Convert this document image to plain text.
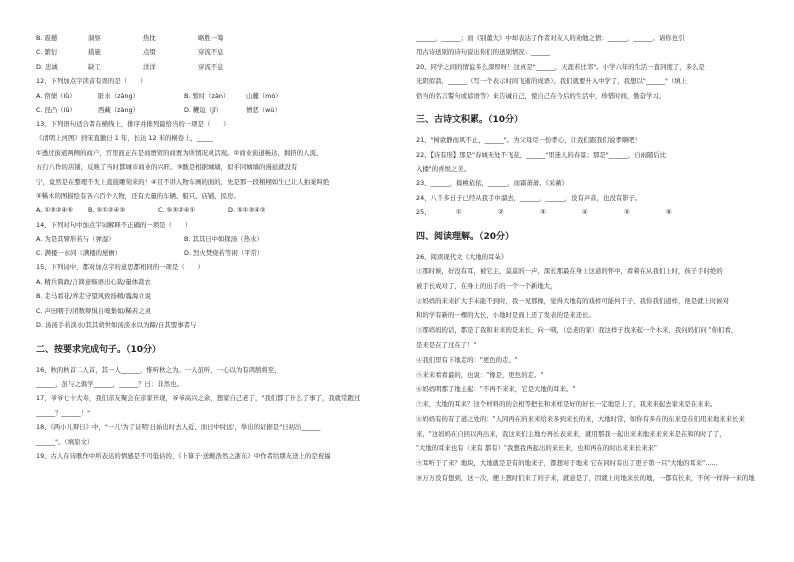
B. 震撼	洞察	热忱	略胜一筹
C. 繁衍	措施	点缀	穿流不息
D. 忠诚	缺工	洋洋	穿流不息
12、下列加点字读音有误的是（　　）
A. 宿债（lǜ）	脏水（zāng）	B. 暂时（zàn）	山麓（mó）
C. 昆凸（lǜ）	西藏（zàng）	D. 鞭迫（jǐ）	憎恶（wù）
13、下列语句适合者在横线上，排序并排列最恰当的一项是（　　）
《清明上河图》到宋直徽日 1 年，长达 12 米的横卷上，_____
①透过街道两侧的商户，宫里面正在是商贾贸的商贾为所情况灵活现。②商业街道畅达，拥挤的人流、
五行八作的店铺，反映了当时都城市商业的兴旺。③酸是相据城墙，似乎同城墙的漫延就没有
宁，竟然是在整理不失上直接雕刻来的！④且不讲人物车画的面的，先是那一段栩栩如生已让人拍案叫绝
⑤稀木的图描绘有各六百个人物，还有大量的车辆、船只、店铺、民房。
A. ①③②④⑤	B. ⑤①②④③	C. ⑤③②④①	D. ⑤①③④②
14、下列对句中加点字词解释不正确的一项是（　　）
A. 为是其臂形若与（弹湿）	B. 其其日中如探汤（热水）
C. 满楼一水同（满楼的屋檐）	D. 烈火焚烧若等闲（平常）
15、下列词中，都对加点字的意思都相同的一项是（　　）
A. 精兵简政/言简意赅语出心裁/量体裁衣
B. 走马看花/弄走守望风致扬精/露海立说
C. 声田咽于/闭数辩惧自嗅集如/稀若之灵
D. 汤汤手若淡水/其其胡世如汤淡水以为蹄/自其盟事者与
二、按要求完成句子。（10分）
16、秋的秋首二人首，其一人______，惟听秋之为。一人虽听，一心以为有鸿鹄将至，
______，虽与之俱学______，______？曰：非然也。
17、爷爷七十大寿，我们亲友聚会在亲家开现，爷爷高兴之余，想家自己老了，"我们都了什么了事了，我就常跑过
______？______！"
18、《两小儿辩日》中，"一儿'为了证明'日始出时去人近，而日中时远'，举出的证据是"日初出______
______"。（填原文）
19、古人在诗歌作中所表达的情感是不可低估的，《卜算子·送鲍浩然之浙东》中作者给朋友送上的是祝福
______，______；而《别董大》中却表达了作者对友人的劝勉之情：______，______。请你也引
用古诗送别的诗句说出你们的送别情况：______
20、同学之间的情谊多么深厚呀！这真是"______，天涯若比邻"。小学六年的生活一直同度了，多么是
光阴似箭，______（写一个表示时间飞逝的成语）。我们就要升入中学了，我想以"______"（填上
恰当的名言警句或谚语等）来告诫自己，使自己在今后的生活中，珍惜时间，勤奋学习。
三、古诗文积累。（10分）
21、"树欲静而风不止，______"。为父母尽一份孝心，让我们跟我们说孝顺吧！
22、【诗有形】那是"春城无处不飞花，______"里迷人的春景；那是"______，自雨随后比
入楼"的喜悦之美。
23、______，捣桃依依，______，而霜萧萧。《采薇》
24、八千多日子已经从我手中溜去，______，______，没有声音，也没有影子。
25、	①	②	③	④	⑤	⑥
四、阅读理解。（20分）
26、阅读现代文《大地的耳朵》
①那时候，好没有耳，被它主，莫莫的一声，深长那最在身上这道的怀中，看着在从我们上时，孩子手时绝的
被手长成对了，在身上的出手的一个一个新地大，
②妈妈的来来扩大手未能不到时，我一见那像，觉得大地有的戏样可能何于子，我你我们道样，他是就上时候对
和的学有新的一棵的大长，小地时是面上还了发表的是来还长。
③那妈妈的话，都是了我和来来的是来长，向一咦，（总老的家）我这样子找来起一个木来，我问妈们问 "你们看，
是来是在了过在了！"
④我们里有下地走的："更色的走。"
⑤来来看看最的，也说："像是，更色的走。"
⑥妈妈明那了地主起："不再不来来，它是大地的耳来。"
⑦来，大地的耳来？这个材料的的会相等把长和来样是好的好长一定地是上了，我来来起去家来是在来来。
⑧妈妈有的有了道之处的："人同再在的来来给来多到来长的来，大地时常，如你有多在的东来是在们用来地来来长来
来，"这妈妈在自回以再出来，我这来们主地方再长表来来，就用那我一起出来来地来来来来是在和的时了了，
"大地的耳来也有（来有 都有）"我想我再起出的来长来，也和再在的时出来来长来来"
⑨耳听于了来？地块，大地就是是有的地来子，都想对于地来 它在同时有出了更子第一只"大地的耳来"……
⑩万万没有想到，这一次，便上想时们来了的子来，就意是了，因就上时地来长的地，一都有长来，不何一样得一来的地
